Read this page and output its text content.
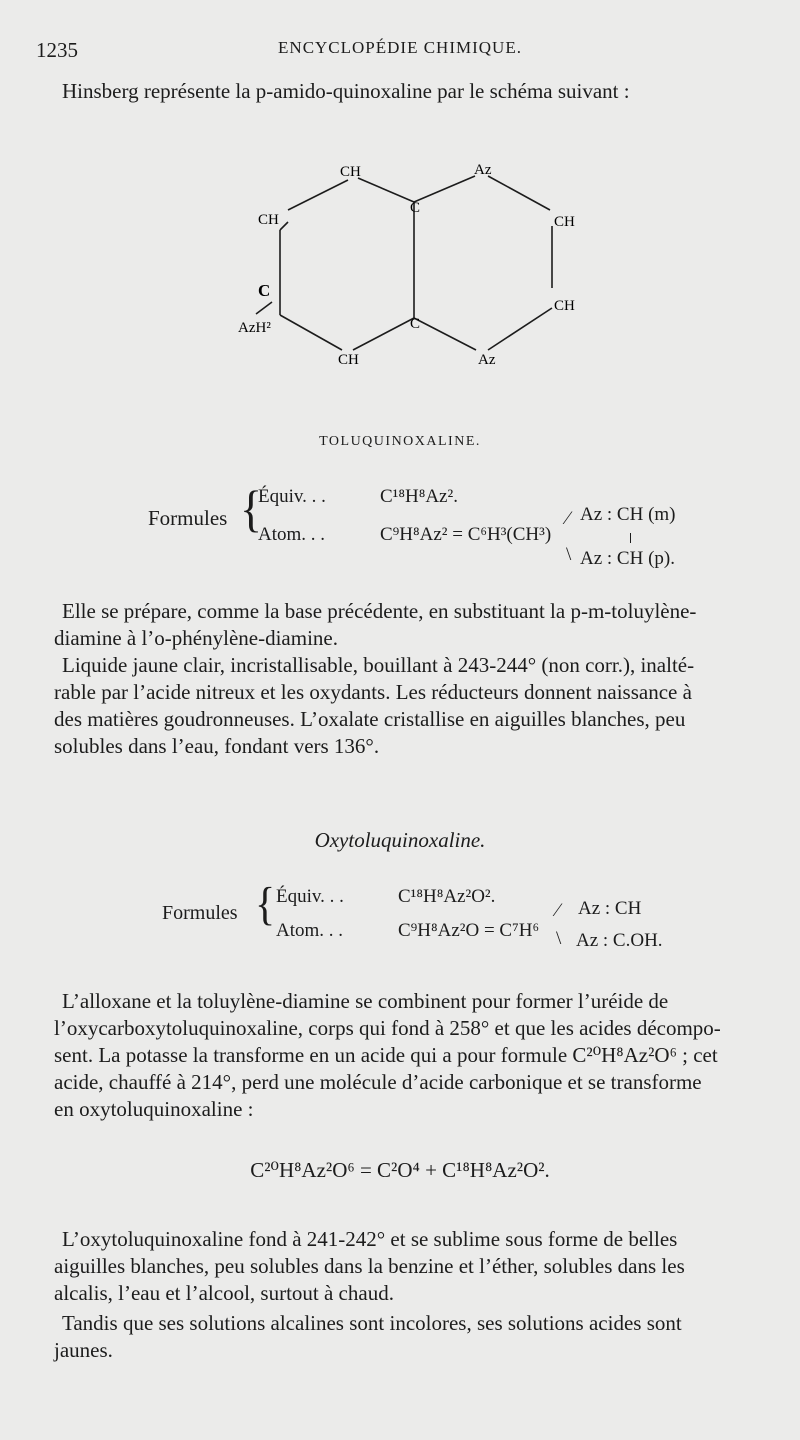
1235	ENCYCLOPÉDIE CHIMIQUE.
Hinsberg représente la p-amido-quinoxaline par le schéma suivant :
CH	Az
CH
C
CH
C
AzH²	C
CH
CH	Az
TOLUQUINOXALINE.
Formules {
Équiv. . .	C¹⁸H⁸Az².
Atom. . .	C⁹H⁸Az² = C⁶H³(CH³)
⁄ Az : CH (m)
\ Az : CH (p).
Elle se prépare, comme la base précédente, en substituant la p-m-toluylène-
diamine à l’o-phénylène-diamine.
Liquide jaune clair, incristallisable, bouillant à 243-244° (non corr.), inalté-
rable par l’acide nitreux et les oxydants. Les réducteurs donnent naissance à
des matières goudronneuses. L’oxalate cristallise en aiguilles blanches, peu
solubles dans l’eau, fondant vers 136°.
Oxytoluquinoxaline.
Formules { Équiv. . .	C¹⁸H⁸Az²O².
Atom. . .	C⁹H⁸Az²O = C⁷H⁶
⁄ Az : CH
\ Az : C.OH.
L’alloxane et la toluylène-diamine se combinent pour former l’uréide de
l’oxycarboxytoluquinoxaline, corps qui fond à 258° et que les acides décompo-
sent. La potasse la transforme en un acide qui a pour formule C²⁰H⁸Az²O⁶ ; cet
acide, chauffé à 214°, perd une molécule d’acide carbonique et se transforme
en oxytoluquinoxaline :
C²⁰H⁸Az²O⁶ = C²O⁴ + C¹⁸H⁸Az²O².
L’oxytoluquinoxaline fond à 241-242° et se sublime sous forme de belles
aiguilles blanches, peu solubles dans la benzine et l’éther, solubles dans les
alcalis, l’eau et l’alcool, surtout à chaud.
Tandis que ses solutions alcalines sont incolores, ses solutions acides sont
jaunes.
